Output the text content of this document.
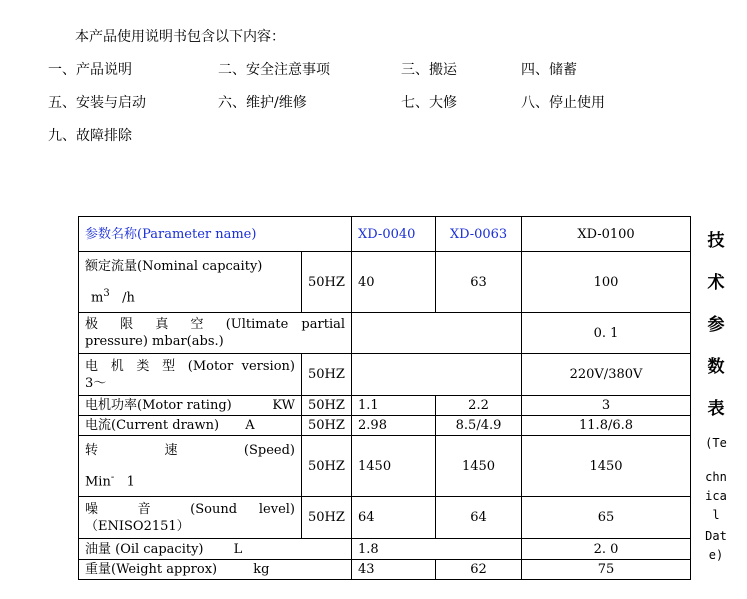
本产品使用说明书包含以下内容：
一、产品说明	二、安全注意事项	三、搬运	四、储蓄
五、安装与启动	六、维护/维修	七、大修	八、停止使用
九、故障排除
参数名称(Parameter name)		XD-0040	XD-0063	XD-0100

额定流量(Nominal capcaity)
$m^3$ /h	50HZ	40	63	100

极 限 真 空 (Ultimate partial
pressure) mbar(abs.)				0. 1

电 机 类 型 (Motor version)
3～	50HZ			220V/380V
电机功率(Motor rating) KW	50HZ	1.1	2.2	3
电流(Current drawn) A	50HZ	2.98	8.5/4.9	11.8/6.8

转 速 (Speed)
Min- 1	50HZ	1450	1450	1450

噪 音 (Sound level)
（ENISO2151）	50HZ	64	64	65
油量 (Oil capacity) L		1.8		2. 0
重量(Weight approx) kg		43	62	75
技
术
参
数
表
(Te
chn
ica
l
Dat
e)
